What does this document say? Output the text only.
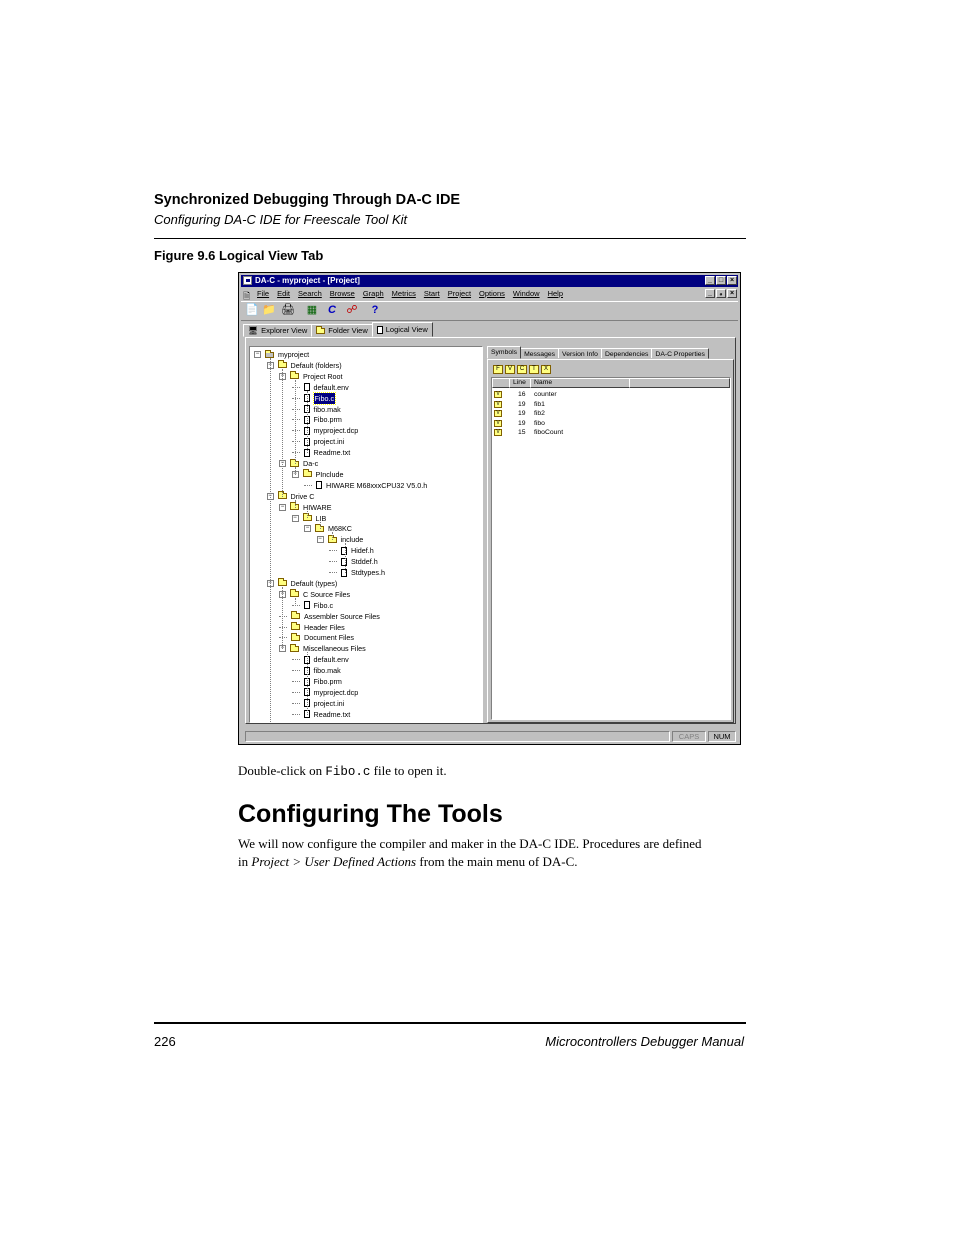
Synchronized Debugging Through DA-C IDE
Configuring DA-C IDE for Freescale Tool Kit
Figure 9.6 Logical View Tab
DA-C - myproject - [Project]	_ □ ×
🗎 File Edit Search Browse Graph Metrics Start Project Options Window Help	_	ₔ	×
📄 📁 🖨 ▦ C ☍	?
🖥 Explorer View	Folder View Logical View
−	myproject
−	Default (folders)
−	Project Root
default.env
Fibo.c
fibo.mak
Fibo.prm
myproject.dcp
project.ini
Readme.txt
−	Da-c
−	PInclude
HIWARE M68xxxCPU32 V5.0.h
−	Drive C
−	HIWARE
−	LIB
−	M68KC
−	include
Hidef.h
Stddef.h
Stdtypes.h
−	Default (types)
−	C Source Files
Fibo.c
Assembler Source Files
Header Files
Document Files
−	Miscellaneous Files
default.env
fibo.mak
Fibo.prm
myproject.dcp
project.ini
Readme.txt
Symbols	Messages	Version Info	Dependencies	DA-C Properties
F	V	C	T	X
Line	Name
V	16 counter
V	19 fib1
V	19 fib2
V	19 fibo
V	15 fiboCount
CAPS	NUM
Double-click on Fibo.c file to open it.
Configuring The Tools
We will now configure the compiler and maker in the DA-C IDE. Procedures are defined
in Project > User Defined Actions from the main menu of DA-C.
226	Microcontrollers Debugger Manual
